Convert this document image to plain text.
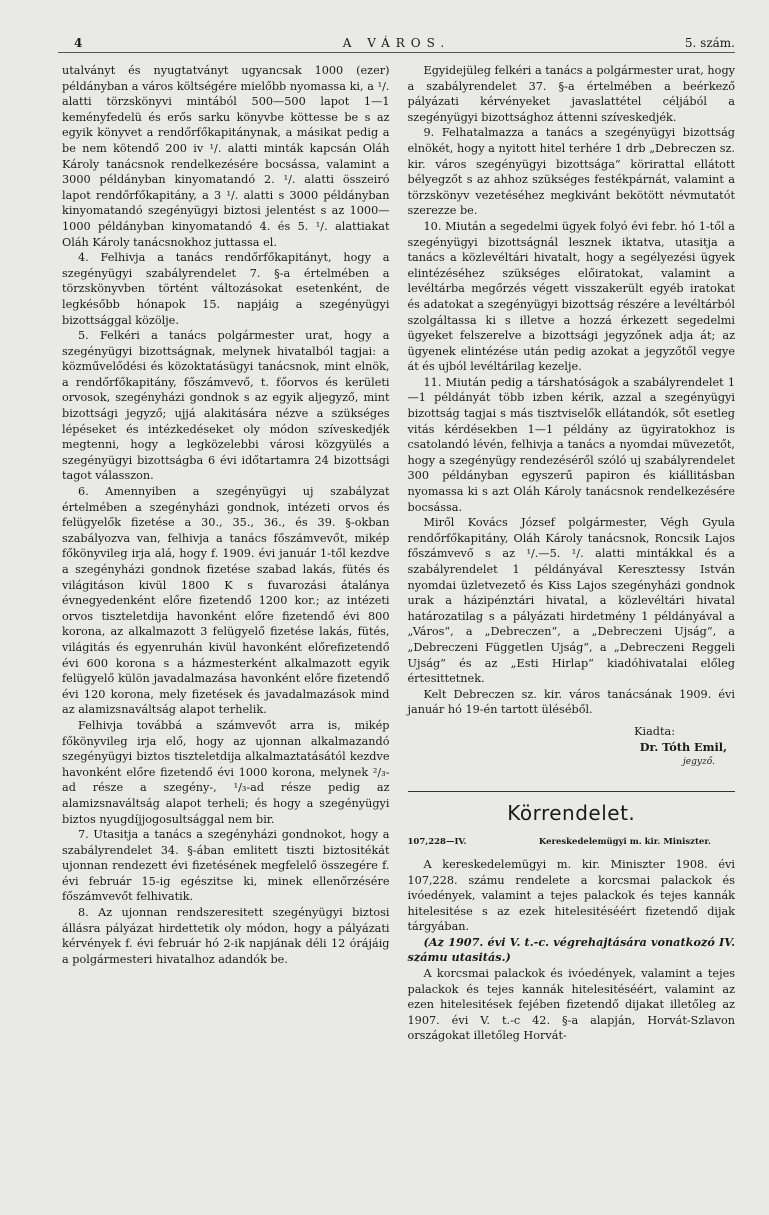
4	A VÁROS.	5. szám.

utalványt és nyugtatványt ugyancsak 1000 (ezer) példányban a város költségére mielőbb nyomassa ki, a ¹/. alatti törzskönyvi mintából 500—500 lapot 1—1 keményfedelü és erős sarku könyvbe köttesse be s az egyik könyvet a rendőrfőkapitánynak, a másikat pedig a be nem kötendő 200 iv ¹/. alatti minták kapcsán Oláh Károly tanácsnok rendelkezésére bocsássa, valamint a 3000 példányban kinyomatandó 2. ¹/. alatti összeiró lapot rendőrfőkapitány, a 3 ¹/. alatti s 3000 példányban kinyomatandó szegényügyi biztosi jelentést s az 1000—1000 példányban kinyomatandó 4. és 5. ¹/. alattiakat Oláh Károly tanácsnokhoz juttassa el.

4. Felhivja a tanács rendőrfőkapitányt, hogy a szegényügyi szabályrendelet 7. §-a értelmében a törzskönyvben történt változásokat esetenként, de legkésőbb hónapok 15. napjáig a szegényügyi bizottsággal közölje.

5. Felkéri a tanács polgármester urat, hogy a szegényügyi bizottságnak, melynek hivatalból tagjai: a közművelődési és közoktatásügyi tanácsnok, mint elnök, a rendőrfőkapitány, főszámvevő, t. főorvos és kerületi orvosok, szegényházi gondnok s az egyik aljegyző, mint bizottsági jegyző; ujjá alakitására nézve a szükséges lépéseket és intézkedéseket oly módon szíveskedjék megtenni, hogy a legközelebbi városi közgyülés a szegényügyi bizottságba 6 évi időtartamra 24 bizottsági tagot válasszon.

6. Amennyiben a szegényügyi uj szabályzat értelmében a szegényházi gondnok, intézeti orvos és felügyelők fizetése a 30., 35., 36., és 39. §-okban szabályozva van, felhivja a tanács főszámvevőt, mikép főkönyvileg irja alá, hogy f. 1909. évi január 1-től kezdve a szegényházi gondnok fizetése szabad lakás, fütés és világitáson kivül 1800 K s fuvarozási átalánya évnegyedenként előre fizetendő 1200 kor.; az intézeti orvos tiszteletdija havonként előre fizetendő évi 800 korona, az alkalmazott 3 felügyelő fizetése lakás, fütés, világitás és egyenruhán kivül havonként előrefizetendő évi 600 korona s a házmesterként alkalmazott egyik felügyelő külön javadalmazása havonként előre fizetendő évi 120 korona, mely fizetések és javadalmazások mind az alamizsnaváltság alapot terhelik.

Felhivja továbbá a számvevőt arra is, mikép főkönyvileg irja elő, hogy az ujonnan alkalmazandó szegényügyi biztos tiszteletdija alkalmaztatásától kezdve havonként előre fizetendő évi 1000 korona, melynek ²/₃-ad része a szegény-, ¹/₃-ad része pedig az alamizsnaváltság alapot terheli; és hogy a szegényügyi biztos nyugdíjjogosultsággal nem bir.

7. Utasitja a tanács a szegényházi gondnokot, hogy a szabályrendelet 34. §-ában emlitett tiszti biztositékát ujonnan rendezett évi fizetésének megfelelő összegére f. évi február 15-ig egészitse ki, minek ellenőrzésére főszámvevőt felhivatik.

8. Az ujonnan rendszeresitett szegényügyi biztosi állásra pályázat hirdettetik oly módon, hogy a pályázati kérvények f. évi február hó 2-ik napjának déli 12 órájáig a polgármesteri hivatalhoz adandók be.

Egyidejüleg felkéri a tanács a polgármester urat, hogy a szabályrendelet 37. §-a értelmében a beérkező pályázati kérvényeket javaslattétel céljából a szegényügyi bizottsághoz áttenni szíveskedjék.

9. Felhatalmazza a tanács a szegényügyi bizottság elnökét, hogy a nyitott hitel terhére 1 drb „Debreczen sz. kir. város szegényügyi bizottsága“ körirattal ellátott bélyegzőt s az ahhoz szükséges festékpárnát, valamint a törzskönyv vezetéséhez megkivánt bekötött névmutatót szerezze be.

10. Miután a segedelmi ügyek folyó évi febr. hó 1-től a szegényügyi bizottságnál lesznek iktatva, utasitja a tanács a közlevéltári hivatalt, hogy a segélyezési ügyek elintézéséhez szükséges előiratokat, valamint a levéltárba megőrzés végett visszakerült egyéb iratokat és adatokat a szegényügyi bizottság részére a levéltárból szolgáltassa ki s illetve a hozzá érkezett segedelmi ügyeket felszerelve a bizottsági jegyzőnek adja át; az ügyenek elintézése után pedig azokat a jegyzőtől vegye át és ujból levéltárilag kezelje.

11. Miután pedig a társhatóságok a szabályrendelet 1—1 példányát több izben kérik, azzal a szegényügyi bizottság tagjai s más tisztviselők ellátandók, sőt esetleg vitás kérdésekben 1—1 példány az ügyiratokhoz is csatolandó lévén, felhivja a tanács a nyomdai müvezetőt, hogy a szegényügy rendezéséről szóló uj szabályrendelet 300 példányban egyszerű papiron és kiállitásban nyomassa ki s azt Oláh Károly tanácsnok rendelkezésére bocsássa.

Miről Kovács József polgármester, Végh Gyula rendőrfőkapitány, Oláh Károly tanácsnok, Roncsik Lajos főszámvevő s az ¹/.—5. ¹/. alatti mintákkal és a szabályrendelet 1 példányával Keresztessy István nyomdai üzletvezető és Kiss Lajos szegényházi gondnok urak a házipénztári hivatal, a közlevéltári hivatal határozatilag s a pályázati hirdetmény 1 példányával a „Város“, a „Debreczen“, a „Debreczeni Ujság“, a „Debreczeni Független Ujság“, a „Debreczeni Reggeli Ujság“ és az „Esti Hirlap“ kiadóhivatalai előleg értesittetnek.

Kelt Debreczen sz. kir. város tanácsának 1909. évi január hó 19-én tartott üléséből.

Kiadta:
Dr. Tóth Emil,
jegyző.
Körrendelet.
107,228—IV.	Kereskedelemügyi m. kir. Miniszter.

A kereskedelemügyi m. kir. Miniszter 1908. évi 107,228. számu rendelete a korcsmai palackok és ivóedények, valamint a tejes palackok és tejes kannák hitelesitése s az ezek hitelesitéséért fizetendő dijak tárgyában.

(Az 1907. évi V. t.-c. végrehajtására vonatkozó IV. számu utasitás.)

A korcsmai palackok és ivóedények, valamint a tejes palackok és tejes kannák hitelesitéséért, valamint az ezen hitelesitések fejében fizetendő dijakat illetőleg az 1907. évi V. t.-c 42. §-a alapján, Horvát-Szlavon országokat illetőleg Horvát-
